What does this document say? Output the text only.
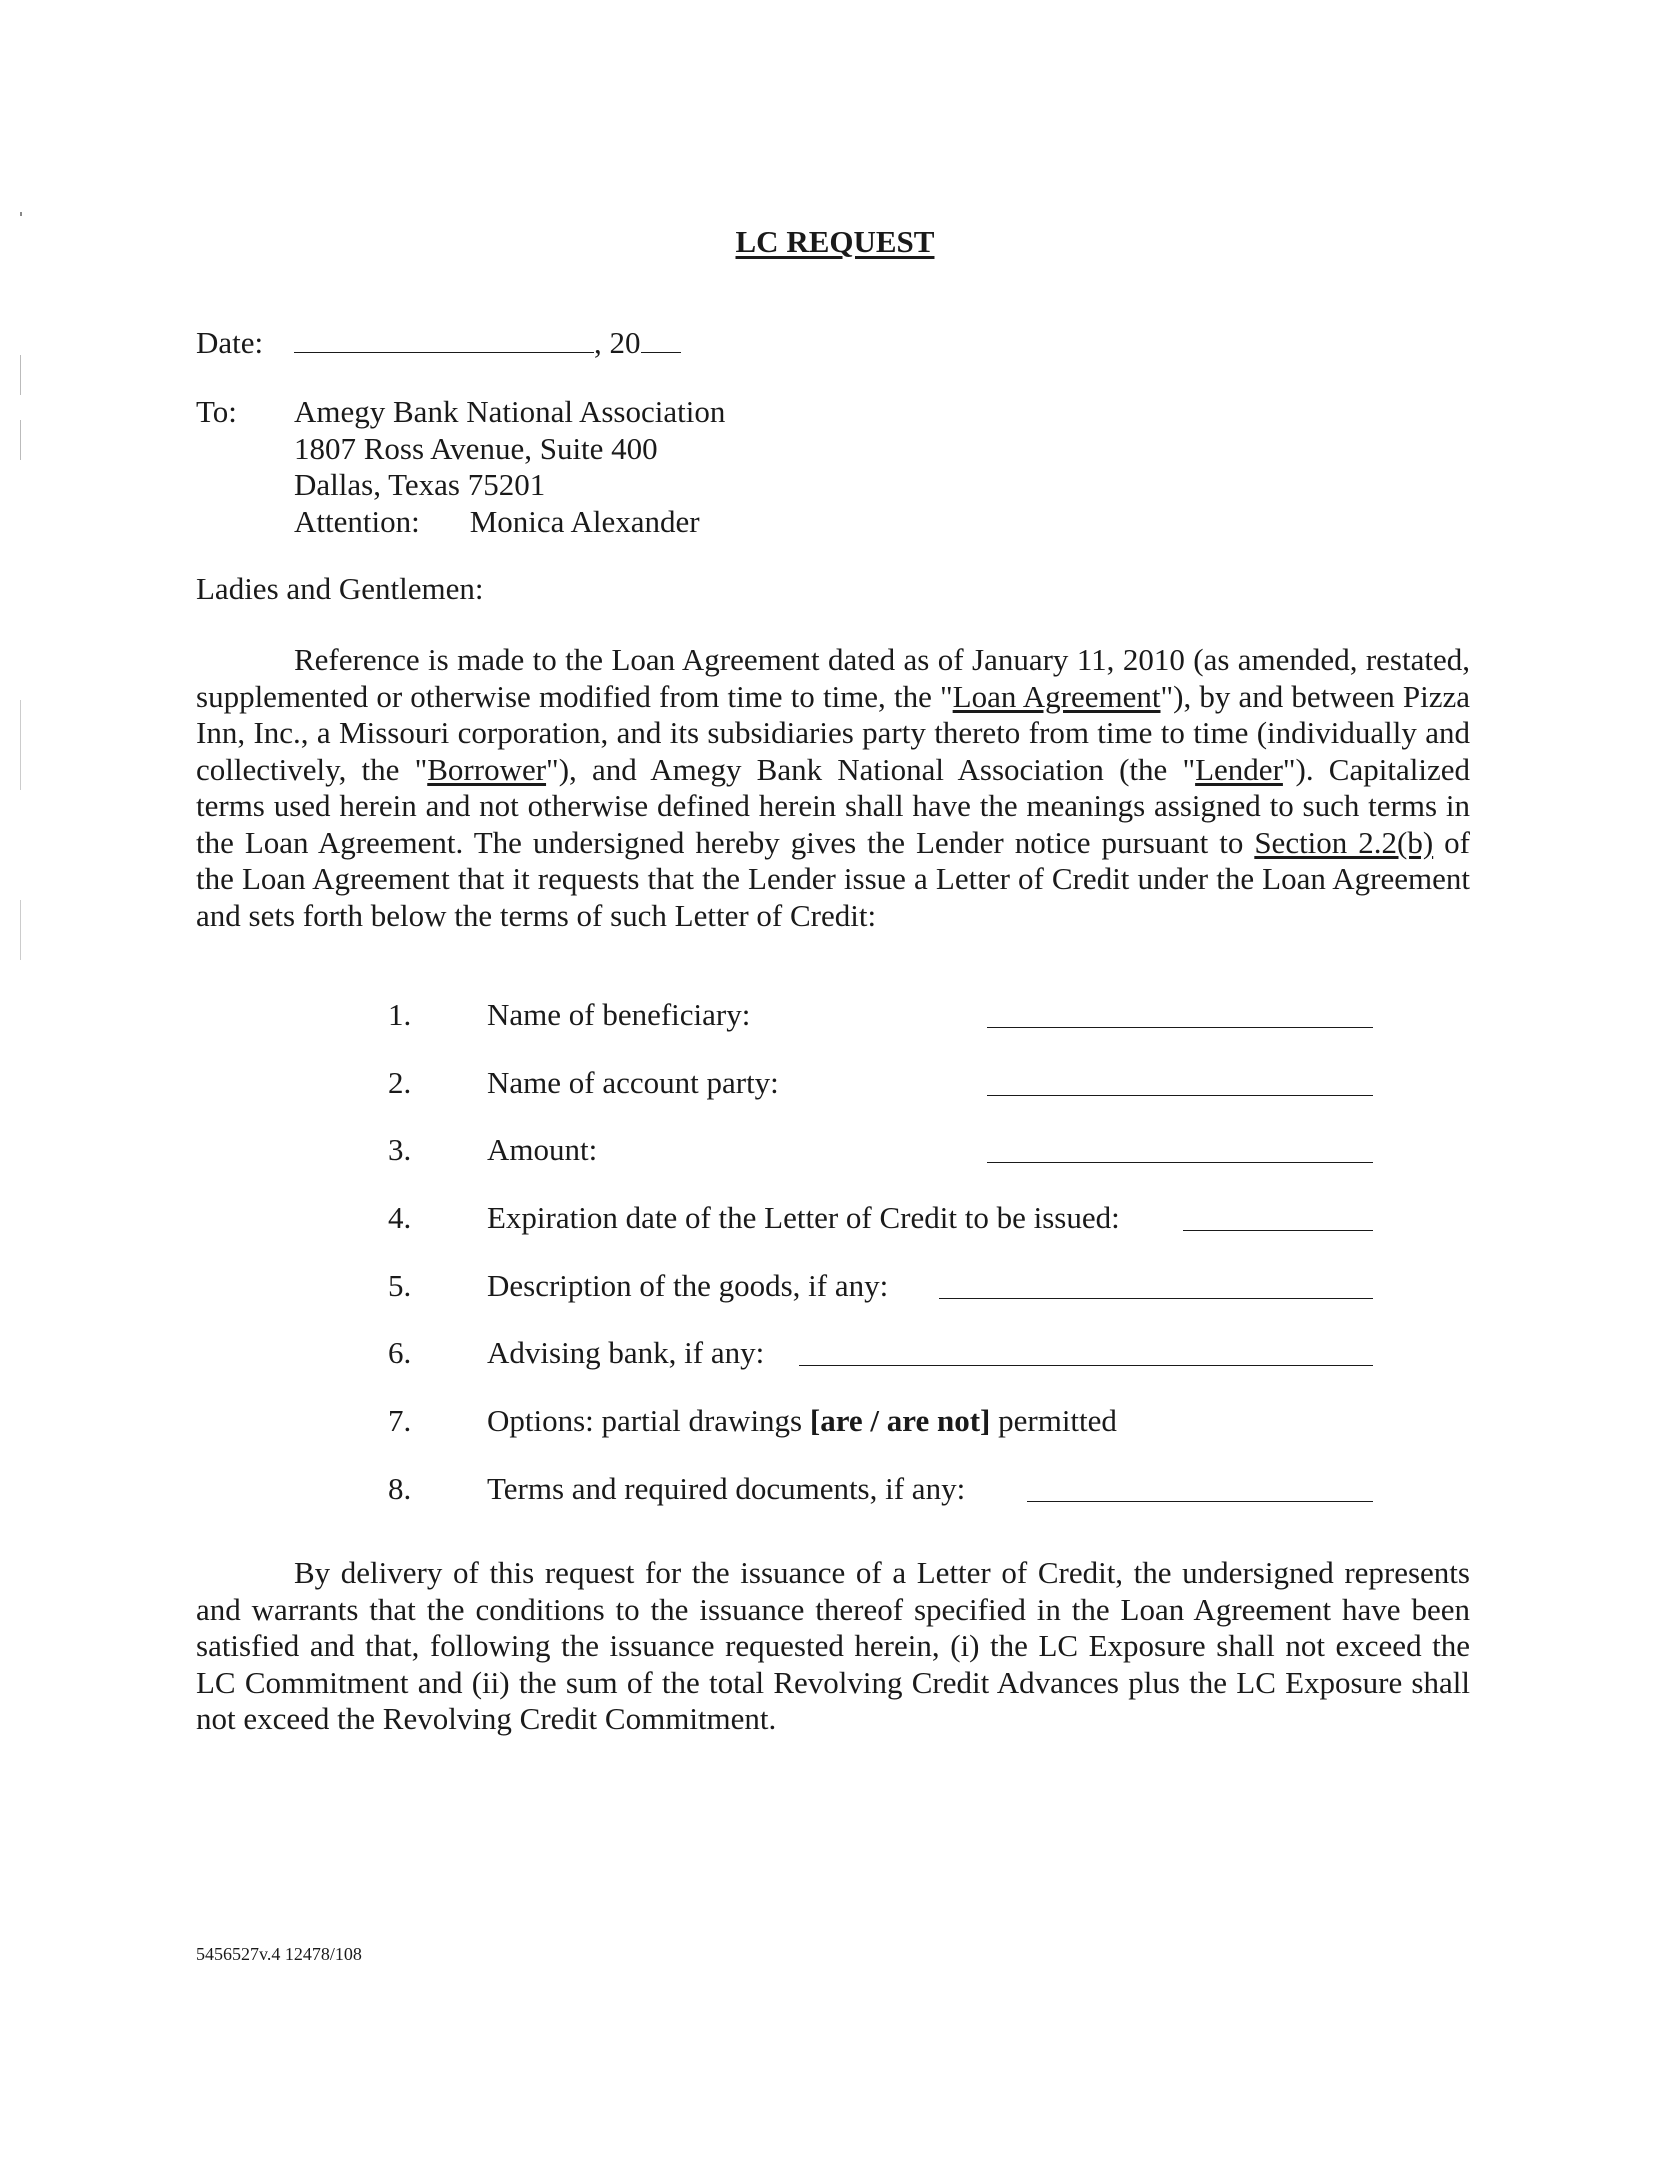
LC REQUEST
Date:	, 20
To: Amegy Bank National Association
1807 Ross Avenue, Suite 400
Dallas, Texas 75201
Attention: Monica Alexander
Ladies and Gentlemen:
Reference is made to the Loan Agreement dated as of January 11, 2010 (as amended, restated, supplemented or otherwise modified from time to time, the "Loan Agreement"), by and between Pizza Inn, Inc., a Missouri corporation, and its subsidiaries party thereto from time to time (individually and collectively, the "Borrower"), and Amegy Bank National Association (the "Lender"). Capitalized terms used herein and not otherwise defined herein shall have the meanings assigned to such terms in the Loan Agreement. The undersigned hereby gives the Lender notice pursuant to Section 2.2(b) of the Loan Agreement that it requests that the Lender issue a Letter of Credit under the Loan Agreement and sets forth below the terms of such Letter of Credit:
1. Name of beneficiary:
2. Name of account party:
3. Amount:
4. Expiration date of the Letter of Credit to be issued:
5. Description of the goods, if any:
6. Advising bank, if any:
7. Options: partial drawings [are / are not] permitted
8. Terms and required documents, if any:
By delivery of this request for the issuance of a Letter of Credit, the undersigned represents and warrants that the conditions to the issuance thereof specified in the Loan Agreement have been satisfied and that, following the issuance requested herein, (i) the LC Exposure shall not exceed the LC Commitment and (ii) the sum of the total Revolving Credit Advances plus the LC Exposure shall not exceed the Revolving Credit Commitment.
5456527v.4 12478/108
